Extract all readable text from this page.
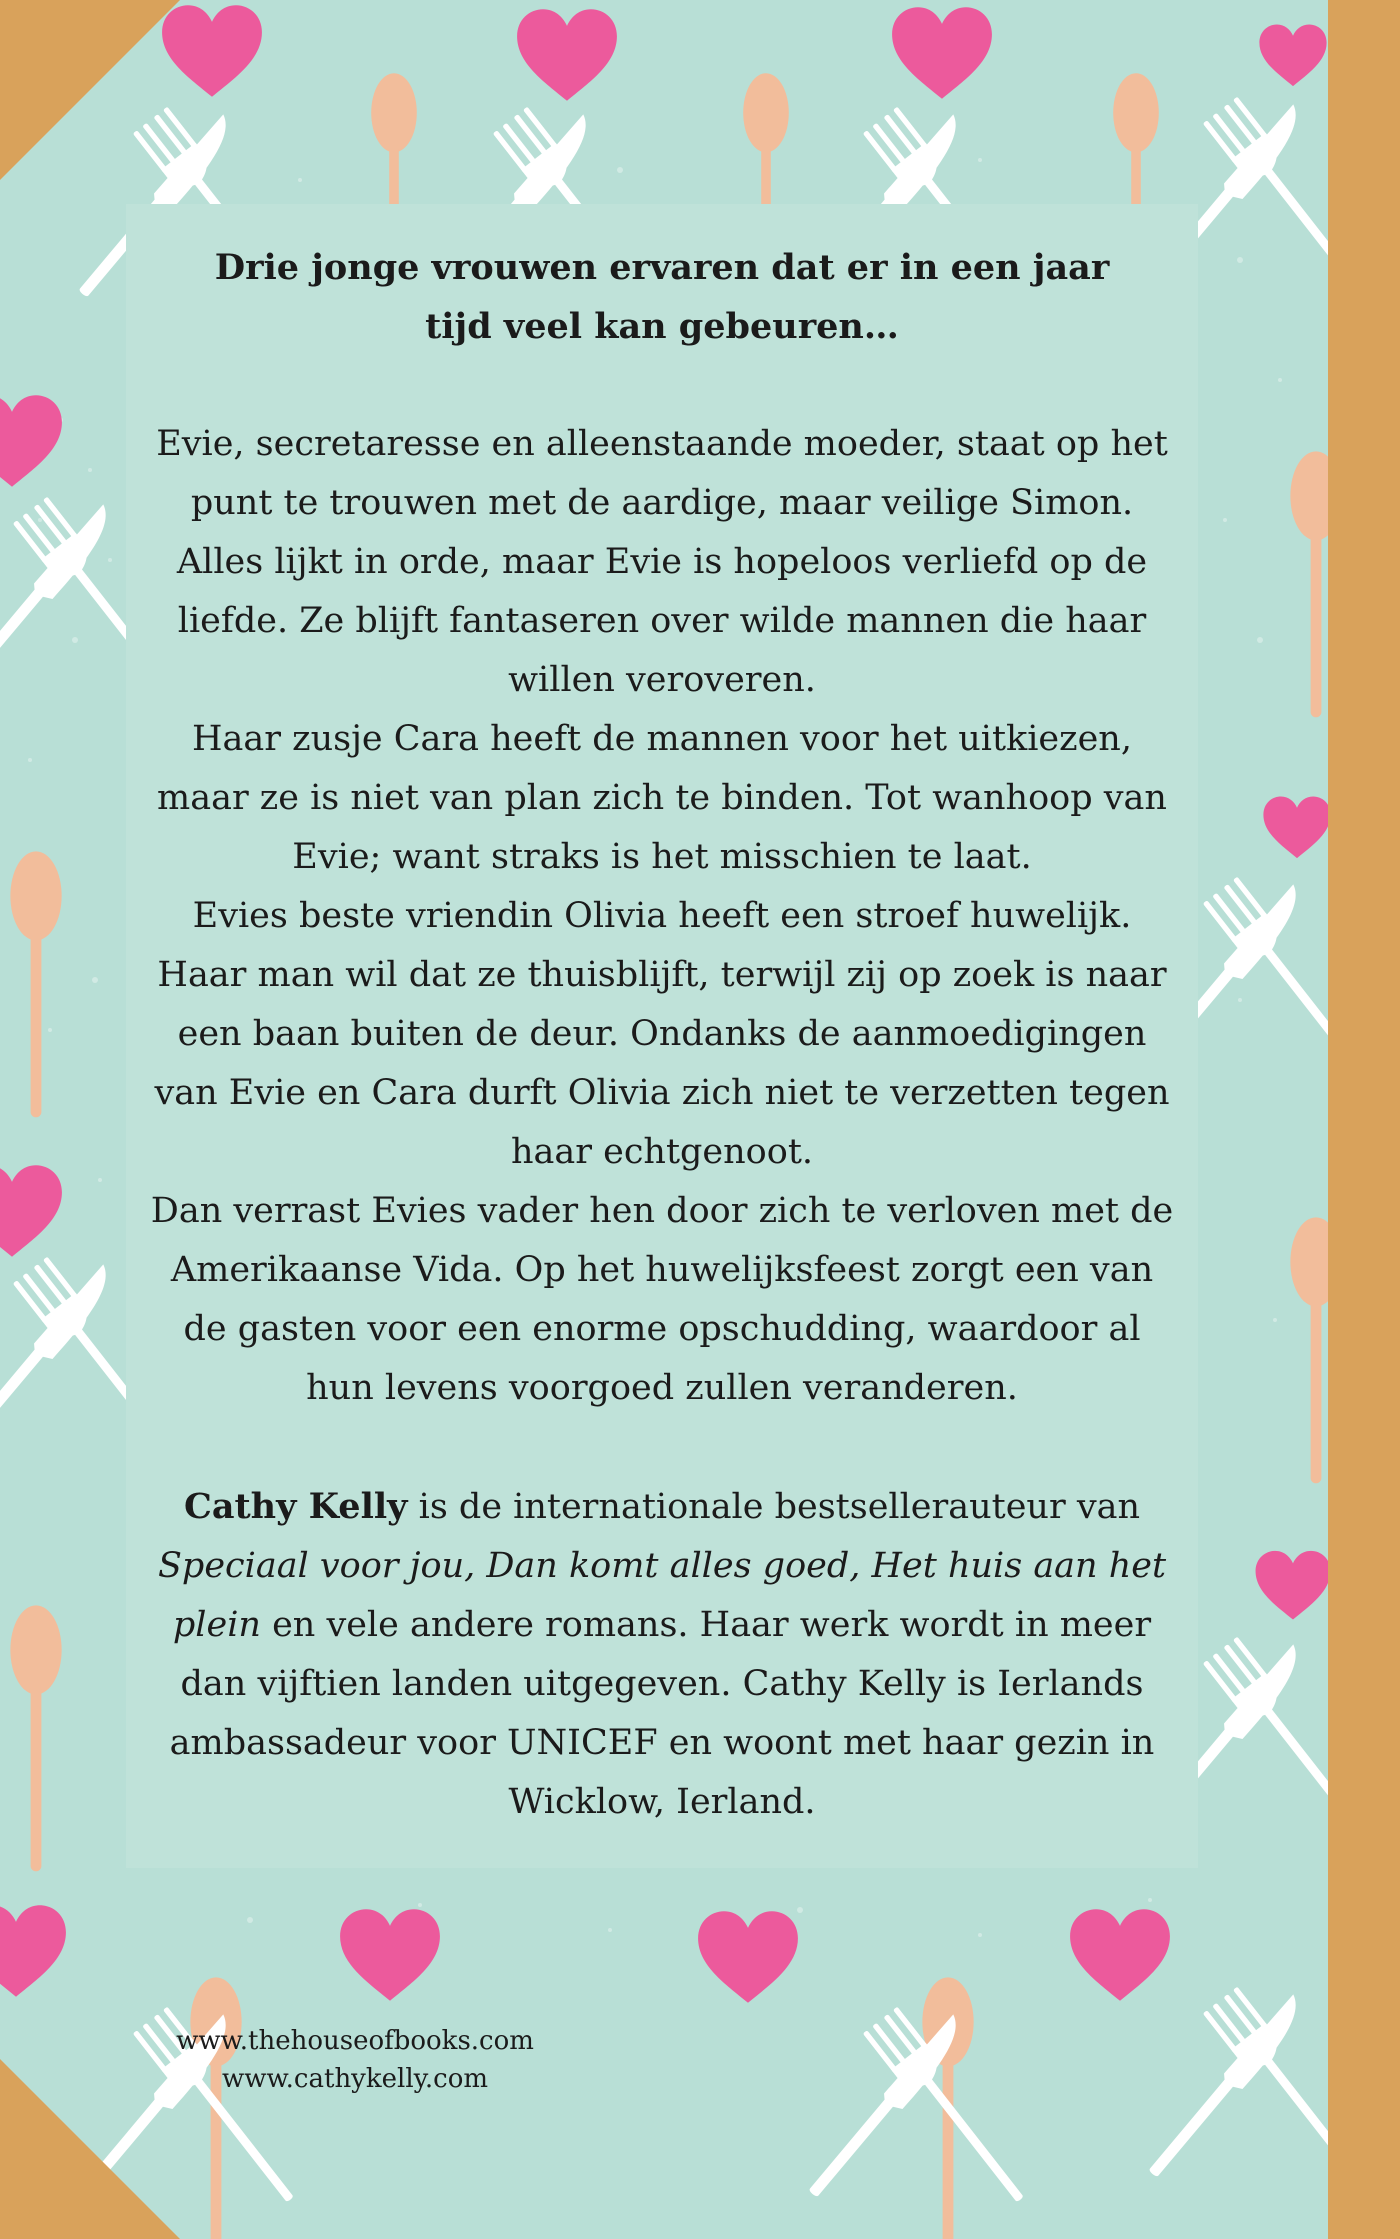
Drie jonge vrouwen ervaren dat er in een jaar
tijd veel kan gebeuren…

Evie, secretaresse en alleenstaande moeder, staat op het
punt te trouwen met de aardige, maar veilige Simon.
Alles lijkt in orde, maar Evie is hopeloos verliefd op de
liefde. Ze blijft fantaseren over wilde mannen die haar
willen veroveren.

Haar zusje Cara heeft de mannen voor het uitkiezen,
maar ze is niet van plan zich te binden. Tot wanhoop van
Evie; want straks is het misschien te laat.

Evies beste vriendin Olivia heeft een stroef huwelijk.
Haar man wil dat ze thuisblijft, terwijl zij op zoek is naar
een baan buiten de deur. Ondanks de aanmoedigingen
van Evie en Cara durft Olivia zich niet te verzetten tegen
haar echtgenoot.

Dan verrast Evies vader hen door zich te verloven met de
Amerikaanse Vida. Op het huwelijksfeest zorgt een van
de gasten voor een enorme opschudding, waardoor al
hun levens voorgoed zullen veranderen.

Cathy Kelly is de internationale bestsellerauteur van
Speciaal voor jou, Dan komt alles goed, Het huis aan het
plein en vele andere romans. Haar werk wordt in meer
dan vijftien landen uitgegeven. Cathy Kelly is Ierlands
ambassadeur voor UNICEF en woont met haar gezin in
Wicklow, Ierland.

www.thehouseofbooks.com
www.cathykelly.com
